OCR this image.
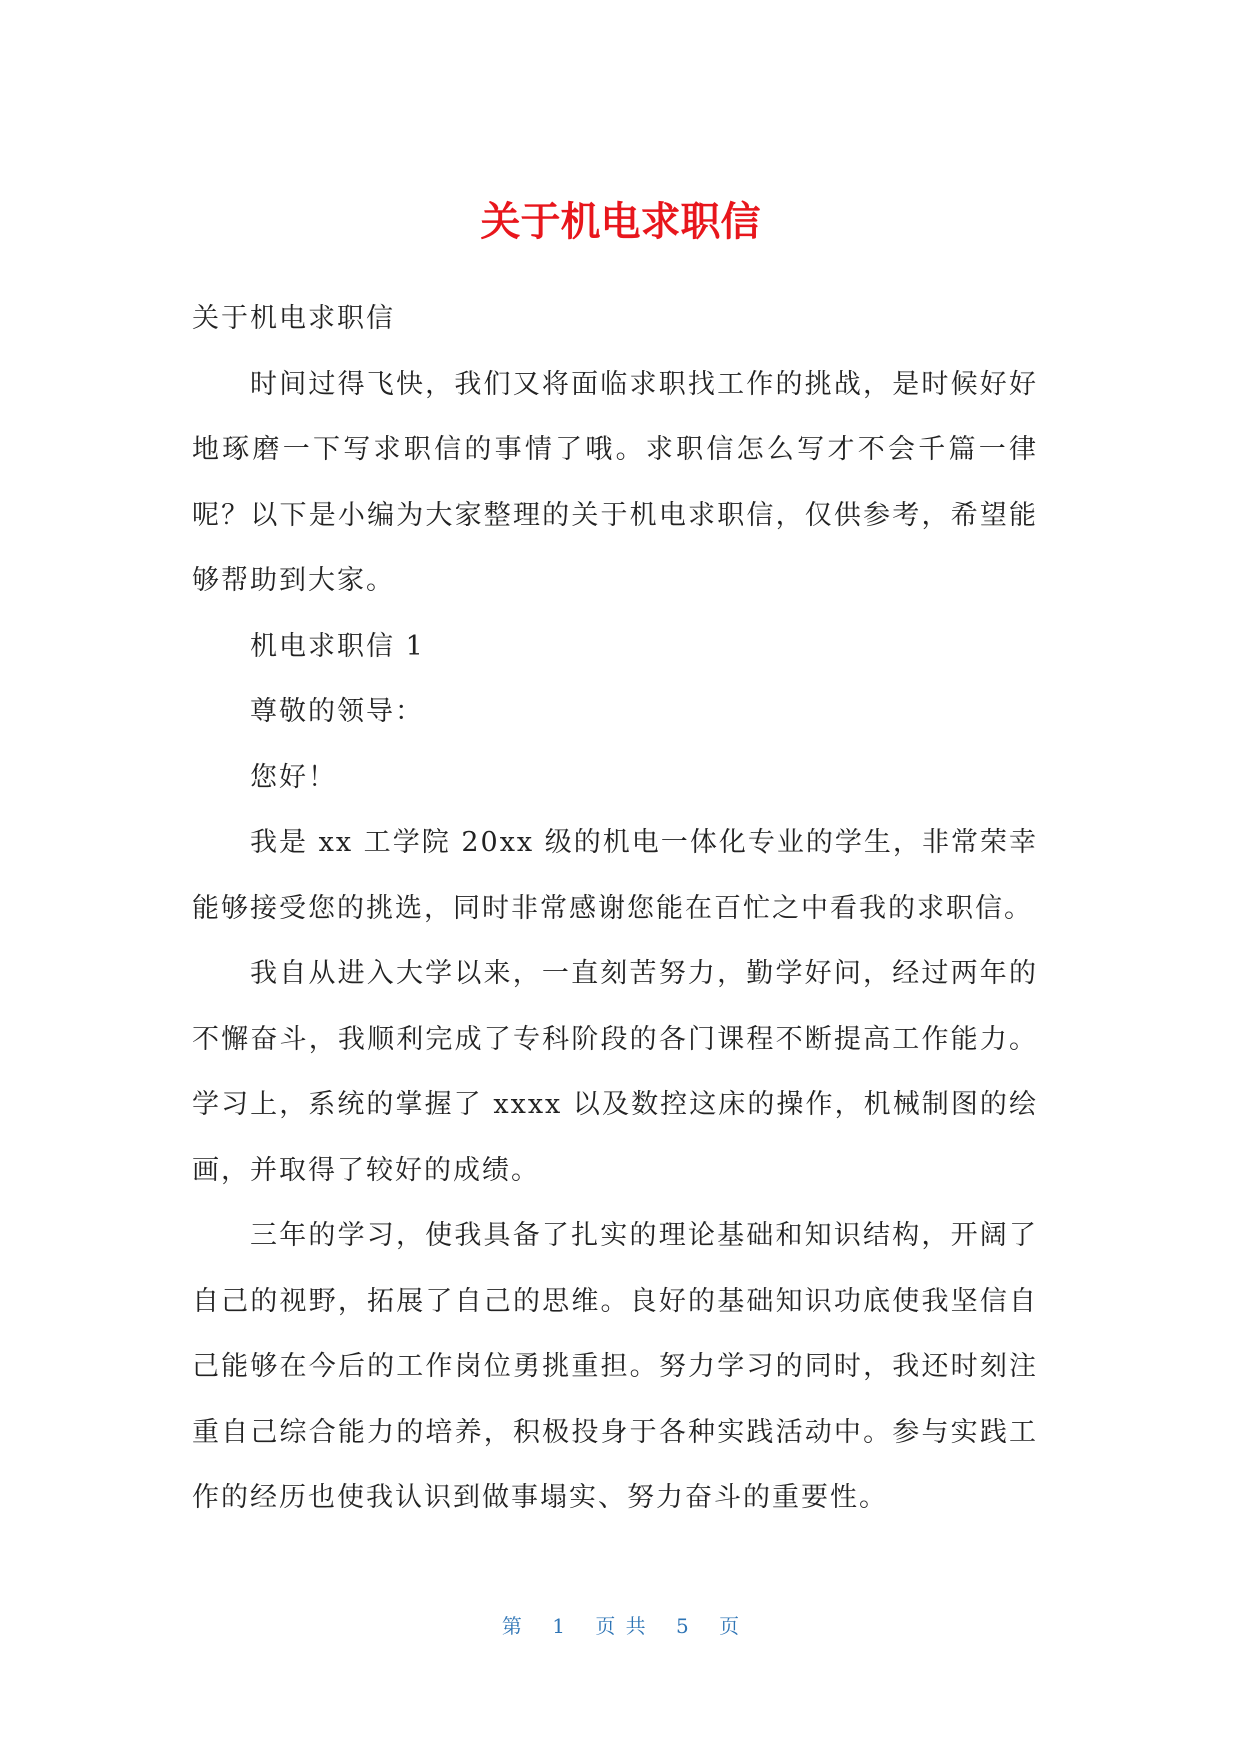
关于机电求职信

关于机电求职信

时间过得飞快，我们又将面临求职找工作的挑战，是时候好好地琢磨一下写求职信的事情了哦。求职信怎么写才不会千篇一律呢？以下是小编为大家整理的关于机电求职信，仅供参考，希望能够帮助到大家。

机电求职信 1

尊敬的领导：

您好！

我是 xx 工学院 20xx 级的机电一体化专业的学生，非常荣幸能够接受您的挑选，同时非常感谢您能在百忙之中看我的求职信。

我自从进入大学以来，一直刻苦努力，勤学好问，经过两年的不懈奋斗，我顺利完成了专科阶段的各门课程不断提高工作能力。学习上，系统的掌握了 xxxx 以及数控这床的操作，机械制图的绘画，并取得了较好的成绩。

三年的学习，使我具备了扎实的理论基础和知识结构，开阔了自己的视野，拓展了自己的思维。良好的基础知识功底使我坚信自己能够在今后的工作岗位勇挑重担。努力学习的同时，我还时刻注重自己综合能力的培养，积极投身于各种实践活动中。参与实践工作的经历也使我认识到做事塌实、努力奋斗的重要性。

第 1 页 共 5 页
